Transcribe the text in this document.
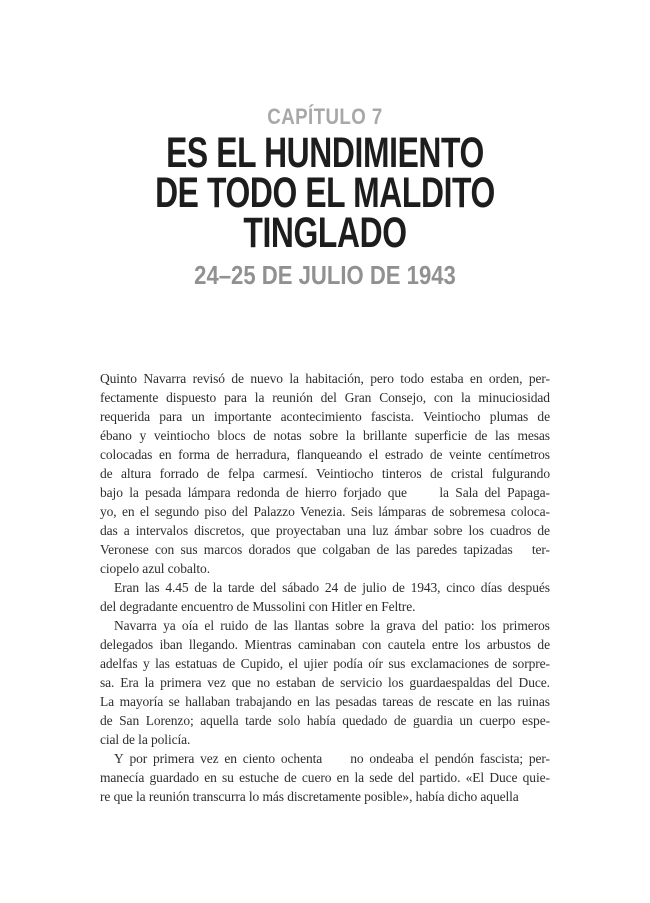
CAPÍTULO 7
ES EL HUNDIMIENTO
DE TODO EL MALDITO
TINGLADO
24–25 DE JULIO DE 1943
Quinto Navarra revisó de nuevo la habitación, pero todo estaba en orden, per-
fectamente dispuesto para la reunión del Gran Consejo, con la minuciosidad
requerida para un importante acontecimiento fascista. Veintiocho plumas de
ébano y veintiocho blocs de notas sobre la brillante superficie de las mesas
colocadas en forma de herradura, flanqueando el estrado de veinte centímetros
de altura forrado de felpa carmesí. Veintiocho tinteros de cristal fulgurando
bajo la pesada lámpara redonda de hierro forjado que
la Sala del Papaga-
yo, en el segundo piso del Palazzo Venezia. Seis lámparas de sobremesa coloca-
das a intervalos discretos, que proyectaban una luz ámbar sobre los cuadros de
Veronese con sus marcos dorados que colgaban de las paredes tapizadas
ter-
ciopelo azul cobalto.
Eran las 4.45 de la tarde del sábado 24 de julio de 1943, cinco días después
del degradante encuentro de Mussolini con Hitler en Feltre.
Navarra ya oía el ruido de las llantas sobre la grava del patio: los primeros
delegados iban llegando. Mientras caminaban con cautela entre los arbustos de
adelfas y las estatuas de Cupido, el ujier podía oír sus exclamaciones de sorpre-
sa. Era la primera vez que no estaban de servicio los guardaespaldas del Duce.
La mayoría se hallaban trabajando en las pesadas tareas de rescate en las ruinas
de San Lorenzo; aquella tarde solo había quedado de guardia un cuerpo espe-
cial de la policía.
Y por primera vez en ciento ochenta
no ondeaba el pendón fascista; per-
manecía guardado en su estuche de cuero en la sede del partido. «El Duce quie-
re que la reunión transcurra lo más discretamente posible», había dicho aquella
